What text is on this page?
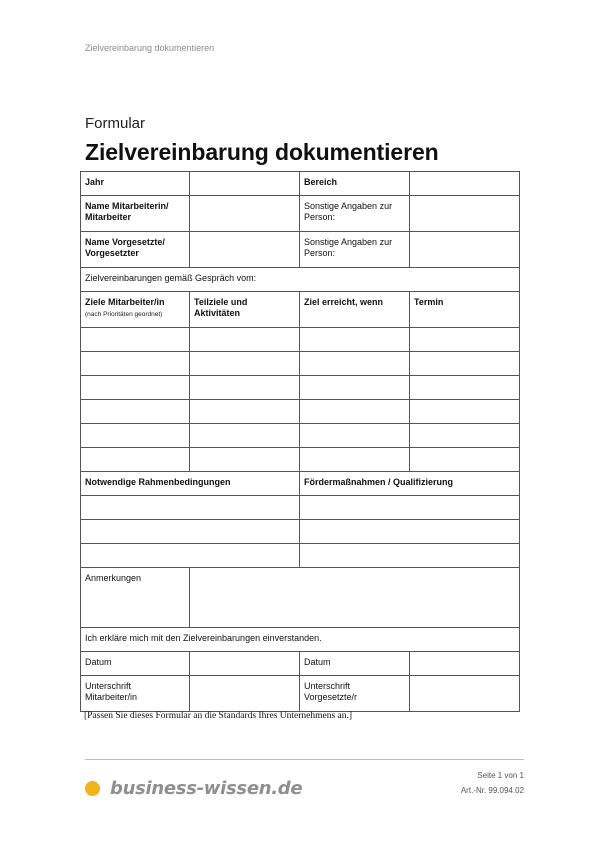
Zielvereinbarung dokumentieren
Formular
Zielvereinbarung dokumentieren
Jahr		Bereich	
Name Mitarbeiterin/ Mitarbeiter		Sonstige Angaben zur Person:	
Name Vorgesetzte/ Vorgesetzter		Sonstige Angaben zur Person:	
Zielvereinbarungen gemäß Gespräch vom:			
Ziele Mitarbeiter/in
(nach Prioritäten geordnet)	Teilziele und Aktivitäten	Ziel erreicht, wenn	Termin

Notwendige Rahmenbedingungen		Fördermaßnahmen / Qualifizierung	

Anmerkungen			
Ich erkläre mich mit den Zielvereinbarungen einverstanden.			
Datum		Datum	
Unterschrift Mitarbeiter/in		Unterschrift Vorgesetzte/r	
[Passen Sie dieses Formular an die Standards Ihres Unternehmens an.]
business-wissen.de
Seite 1 von 1
Art.-Nr. 99.094.02
